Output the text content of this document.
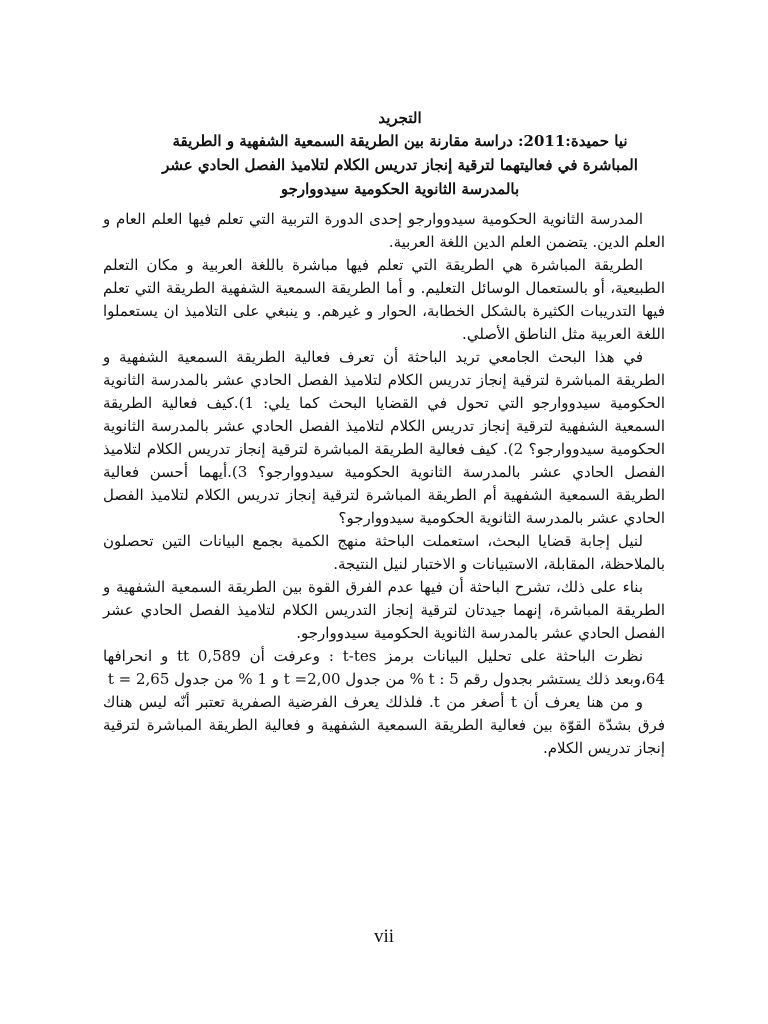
التجريد
نيا حميدة:2011: دراسة مقارنة بين الطريقة السمعية الشفهية و الطريقة
المباشرة في فعاليتهما لترقية إنجاز تدريس الكلام لتلاميذ الفصل الحادي عشر
بالمدرسة الثانوية الحكومية سيدووارجو

المدرسة الثانوية الحكومية سيدووارجو إحدى الدورة التربية التي تعلم فيها العلم العام و العلم الدين. يتضمن العلم الدين اللغة العربية.

الطريقة المباشرة هي الطريقة التي تعلم فيها مباشرة باللغة العربية و مكان التعلم الطبيعية، أو بالستعمال الوسائل التعليم. و أما الطريقة السمعية الشفهية الطريقة التي تعلم فيها التدريبات الكثيرة بالشكل الخطابة، الحوار و غيرهم. و ينبغي على التلاميذ ان يستعملوا اللغة العربية مثل الناطق الأصلي.

في هذا البحث الجامعي تريد الباحثة أن تعرف فعالية الطريقة السمعية الشفهية و الطريقة المباشرة لترقية إنجاز تدريس الكلام لتلاميذ الفصل الحادي عشر بالمدرسة الثانوية الحكومية سيدووارجو التي تحول في القضايا البحث كما يلي: 1).كيف فعالية الطريقة السمعية الشفهية لترقية إنجاز تدريس الكلام لتلاميذ الفصل الحادي عشر بالمدرسة الثانوية الحكومية سيدووارجو؟ 2). كيف فعالية الطريقة المباشرة لترقية إنجاز تدريس الكلام لتلاميذ الفصل الحادي عشر بالمدرسة الثانوية الحكومية سيدووارجو؟ 3).أيهما أحسن فعالية الطريقة السمعية الشفهية أم الطريقة المباشرة لترقية إنجاز تدريس الكلام لتلاميذ الفصل الحادي عشر بالمدرسة الثانوية الحكومية سيدووارجو؟

لنيل إجابة قضايا البحث، استعملت الباحثة منهج الكمية بجمع البيانات التين تحصلون بالملاحظة، المقابلة، الاستبيانات و الاختبار لنيل النتيجة.

بناء على ذلك، تشرح الباحثة أن فيها عدم الفرق القوة بين الطريقة السمعية الشفهية و الطريقة المباشرة، إنهما جيدتان لترقية إنجاز التدريس الكلام لتلاميذ الفصل الحادي عشر الفصل الحادي عشر بالمدرسة الثانوية الحكومية سيدووارجو.

نظرت الباحثة على تحليل البيانات برمز t-tes : وعرفت أن 0,589 tt و انحرافها 64،وبعد ذلك يستشر بجدول رقم t : 5 % من جدول t =2,00 و 1 % من جدول t = 2,65

و من هنا يعرف أن t أصغر من t. فلذلك يعرف الفرضية الصفرية تعتبر أنّه ليس هناك فرق بشدّة القوّة بين فعالية الطريقة السمعية الشفهية و فعالية الطريقة المباشرة لترقية إنجاز تدريس الكلام.

vii
